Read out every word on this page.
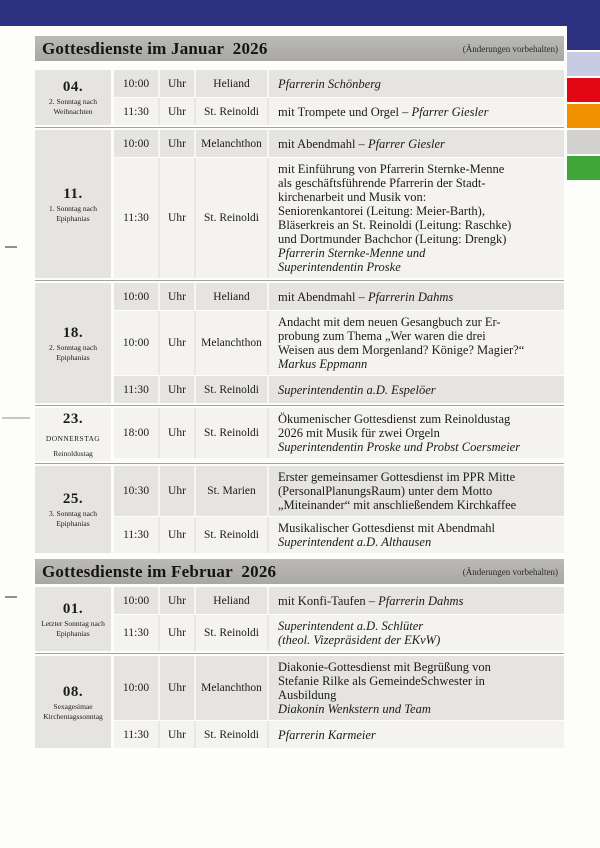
Gottesdienste im Januar  2026	(Änderungen vorbehalten)
04.
2. Sonntag nach
Weihnachten
10:00	Uhr	Heliand	Pfarrerin Schönberg
11:30	Uhr	St. Reinoldi	mit Trompete und Orgel – Pfarrer Giesler
11.
1. Sonntag nach
Epiphanias
10:00	Uhr	Melanchthon	mit Abendmahl – Pfarrer Giesler
11:30	Uhr	St. Reinoldi
mit Einführung von Pfarrerin Sternke-Menne
als geschäftsführende Pfarrerin der Stadt-
kirchenarbeit und Musik von:
Seniorenkantorei (Leitung: Meier-Barth),
Bläserkreis an St. Reinoldi (Leitung: Raschke)
und Dortmunder Bachchor (Leitung: Drengk)
Pfarrerin Sternke-Menne und
Superintendentin Proske
18.
2. Sonntag nach
Epiphanias
10:00	Uhr	Heliand	mit Abendmahl – Pfarrerin Dahms
10:00	Uhr	Melanchthon
Andacht mit dem neuen Gesangbuch zur Er-
probung zum Thema „Wer waren die drei
Weisen aus dem Morgenland? Könige? Magier?“
Markus Eppmann
11:30	Uhr	St. Reinoldi	Superintendentin a.D. Espelöer
23.
DONNERSTAG
Reinoldustag
18:00	Uhr	St. Reinoldi
Ökumenischer Gottesdienst zum Reinoldustag
2026 mit Musik für zwei Orgeln
Superintendentin Proske und Probst Coersmeier
25.
3. Sonntag nach
Epiphanias
10:30	Uhr	St. Marien
Erster gemeinsamer Gottesdienst im PPR Mitte
(PersonalPlanungsRaum) unter dem Motto
„Miteinander“ mit anschließendem Kirchkaffee
11:30	Uhr	St. Reinoldi	Musikalischer Gottesdienst mit Abendmahl
Superintendent a.D. Althausen
Gottesdienste im Februar  2026	(Änderungen vorbehalten)
01.
Letzter Sonntag nach
Epiphanias
10:00	Uhr	Heliand	mit Konfi-Taufen – Pfarrerin Dahms
11:30	Uhr	St. Reinoldi	Superintendent a.D. Schlüter
(theol. Vizepräsident der EKvW)
08.
Sexagesimae
Kirchentagssonntag
10:00	Uhr	Melanchthon
Diakonie-Gottesdienst mit Begrüßung von
Stefanie Rilke als GemeindeSchwester in
Ausbildung
Diakonin Wenkstern und Team
11:30	Uhr	St. Reinoldi	Pfarrerin Karmeier
